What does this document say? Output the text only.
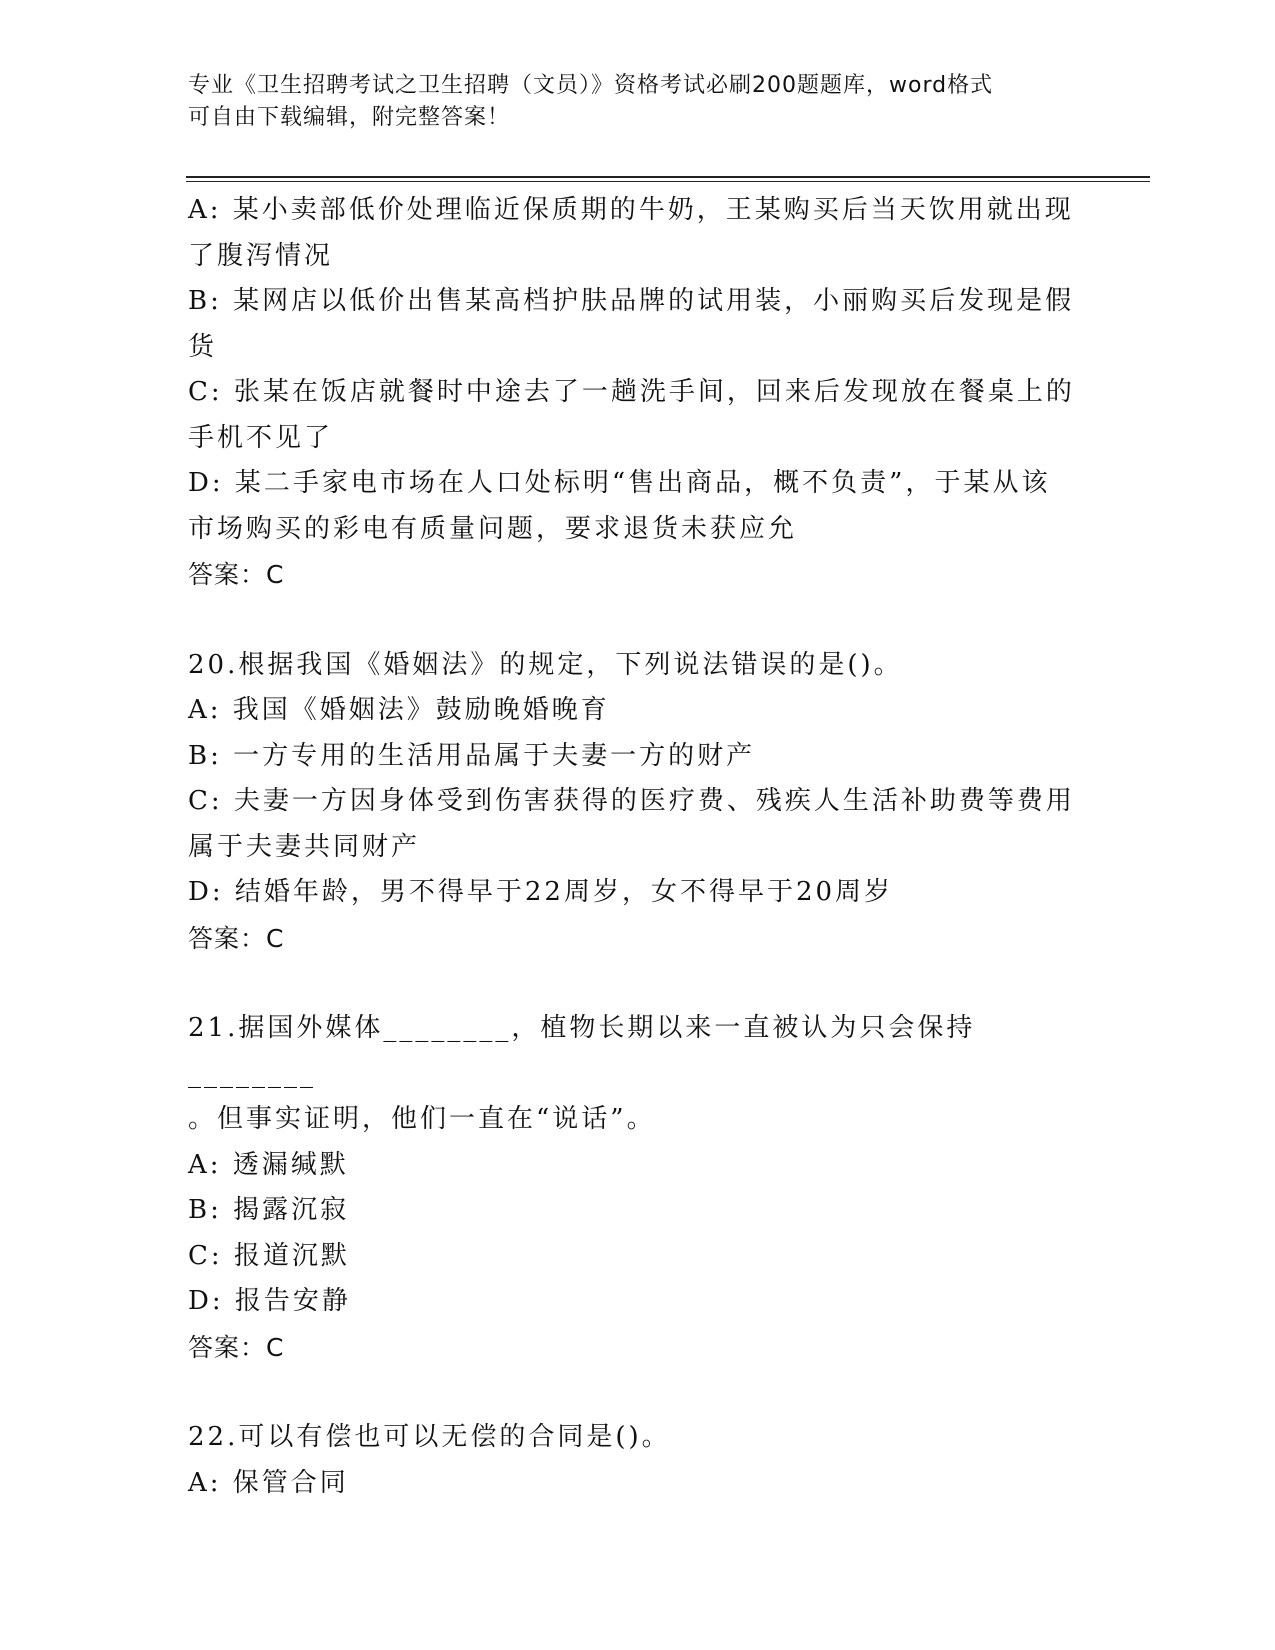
专业《卫生招聘考试之卫生招聘（文员）》资格考试必刷200题题库，word格式
可自由下载编辑，附完整答案！
A: 某小卖部低价处理临近保质期的牛奶，王某购买后当天饮用就出现
了腹泻情况
B: 某网店以低价出售某高档护肤品牌的试用装，小丽购买后发现是假
货
C: 张某在饭店就餐时中途去了一趟洗手间，回来后发现放在餐桌上的
手机不见了
D: 某二手家电市场在人口处标明“售出商品，概不负责”，于某从该
市场购买的彩电有质量问题，要求退货未获应允
答案：C
20.根据我国《婚姻法》的规定，下列说法错误的是()。
A: 我国《婚姻法》鼓励晚婚晚育
B: 一方专用的生活用品属于夫妻一方的财产
C: 夫妻一方因身体受到伤害获得的医疗费、残疾人生活补助费等费用
属于夫妻共同财产
D: 结婚年龄，男不得早于22周岁，女不得早于20周岁
答案：C
21.据国外媒体________，植物长期以来一直被认为只会保持________
。但事实证明，他们一直在“说话”。
A: 透漏缄默
B: 揭露沉寂
C: 报道沉默
D: 报告安静
答案：C
22.可以有偿也可以无偿的合同是()。
A: 保管合同
